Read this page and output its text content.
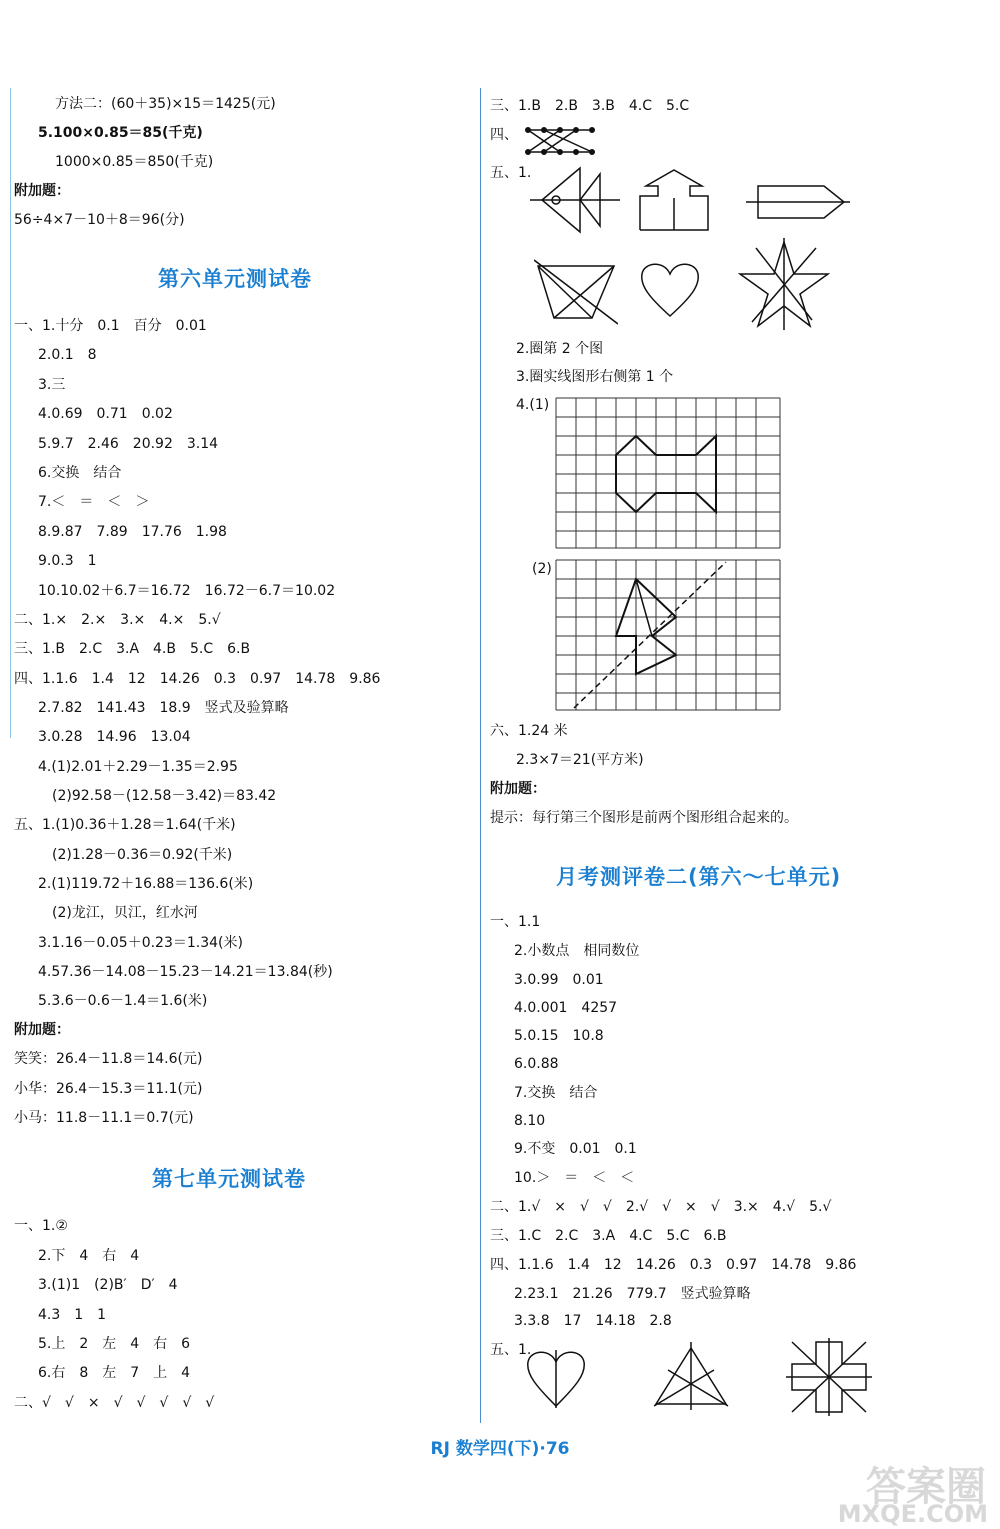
方法二：(60＋35)×15＝1425(元)
5.100×0.85＝85(千克)
1000×0.85＝850(千克)
附加题：
56÷4×7－10＋8＝96(分)
第六单元测试卷
一、1.十分　0.1　百分　0.01
2.0.1　8
3.三
4.0.69　0.71　0.02
5.9.7　2.46　20.92　3.14
6.交换　结合
7.＜　＝　＜　＞
8.9.87　7.89　17.76　1.98
9.0.3　1
10.10.02＋6.7＝16.72　16.72－6.7＝10.02
二、1.×　2.×　3.×　4.×　5.√
三、1.B　2.C　3.A　4.B　5.C　6.B
四、1.1.6　1.4　12　14.26　0.3　0.97　14.78　9.86
2.7.82　141.43　18.9　竖式及验算略
3.0.28　14.96　13.04
4.(1)2.01＋2.29－1.35＝2.95
(2)92.58－(12.58－3.42)＝83.42
五、1.(1)0.36＋1.28＝1.64(千米)
(2)1.28－0.36＝0.92(千米)
2.(1)119.72＋16.88＝136.6(米)
(2)龙江，贝江，红水河
3.1.16－0.05＋0.23＝1.34(米)
4.57.36－14.08－15.23－14.21＝13.84(秒)
5.3.6－0.6－1.4＝1.6(米)
附加题：
笑笑：26.4－11.8＝14.6(元)
小华：26.4－15.3＝11.1(元)
小马：11.8－11.1＝0.7(元)
第七单元测试卷
一、1.②
2.下　4　右　4
3.(1)1　(2)B′　D′　4
4.3　1　1
5.上　2　左　4　右　6
6.右　8　左　7　上　4
二、√　√　×　√　√　√　√　√
三、1.B　2.B　3.B　4.C　5.C
四、
五、1.
2.圈第 2 个图
3.圈实线图形右侧第 1 个
4.(1)
(2)
六、1.24 米
2.3×7＝21(平方米)
附加题：
提示：每行第三个图形是前两个图形组合起来的。
月考测评卷二(第六～七单元)
一、1.1
2.小数点　相同数位
3.0.99　0.01
4.0.001　4257
5.0.15　10.8
6.0.88
7.交换　结合
8.10
9.不变　0.01　0.1
10.＞　＝　＜　＜
二、1.√　×　√　√　2.√　√　×　√　3.×　4.√　5.√
三、1.C　2.C　3.A　4.C　5.C　6.B
四、1.1.6　1.4　12　14.26　0.3　0.97　14.78　9.86
2.23.1　21.26　779.7　竖式验算略
3.3.8　17　14.18　2.8
五、1.
RJ 数学四(下)·76
答案圈
MXQE.COM
